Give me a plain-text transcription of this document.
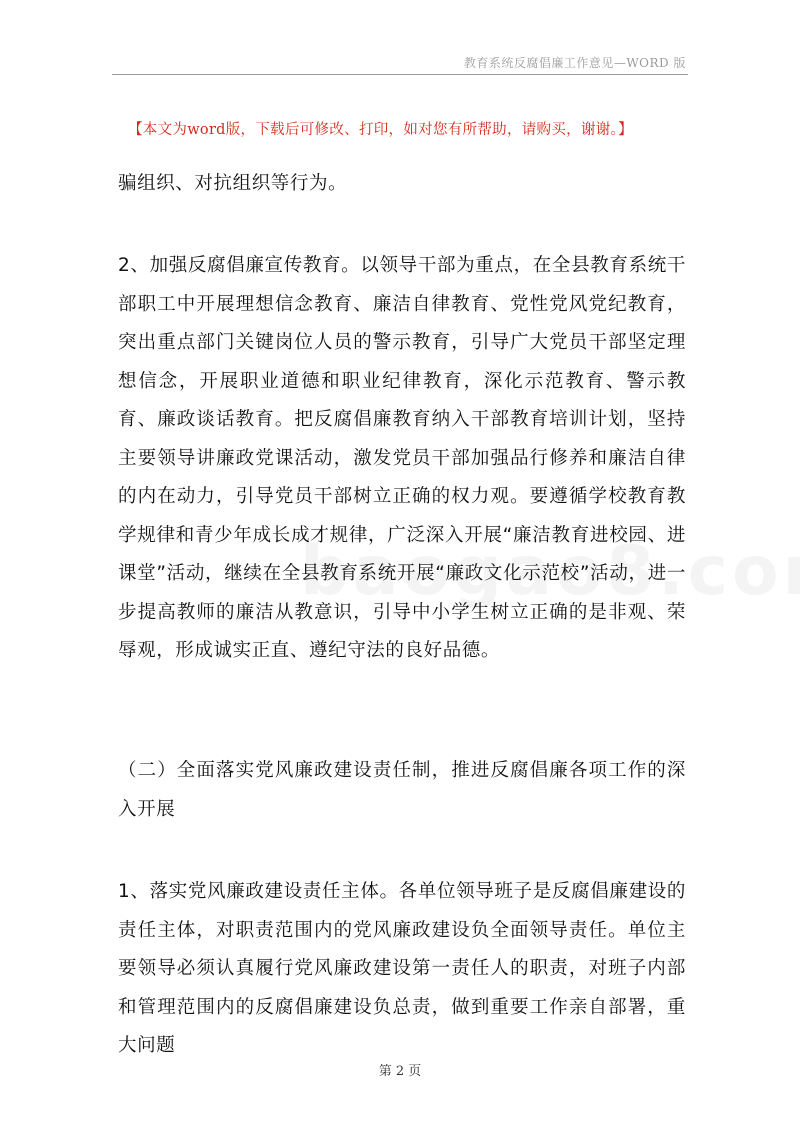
教育系统反腐倡廉工作意见—WORD 版
【本文为word版，下载后可修改、打印，如对您有所帮助，请购买，谢谢。】

骗组织、对抗组织等行为。

2、加强反腐倡廉宣传教育。以领导干部为重点，在全县教育系统干部职工中开展理想信念教育、廉洁自律教育、党性党风党纪教育，突出重点部门关键岗位人员的警示教育，引导广大党员干部坚定理想信念，开展职业道德和职业纪律教育，深化示范教育、警示教育、廉政谈话教育。把反腐倡廉教育纳入干部教育培训计划，坚持主要领导讲廉政党课活动，激发党员干部加强品行修养和廉洁自律的内在动力，引导党员干部树立正确的权力观。要遵循学校教育教学规律和青少年成长成才规律，广泛深入开展“廉洁教育进校园、进课堂”活动，继续在全县教育系统开展“廉政文化示范校”活动，进一步提高教师的廉洁从教意识，引导中小学生树立正确的是非观、荣辱观，形成诚实正直、遵纪守法的良好品德。

（二）全面落实党风廉政建设责任制，推进反腐倡廉各项工作的深入开展

1、落实党风廉政建设责任主体。各单位领导班子是反腐倡廉建设的责任主体，对职责范围内的党风廉政建设负全面领导责任。单位主要领导必须认真履行党风廉政建设第一责任人的职责，对班子内部和管理范围内的反腐倡廉建设负总责，做到重要工作亲自部署，重大问题

第 2 页
